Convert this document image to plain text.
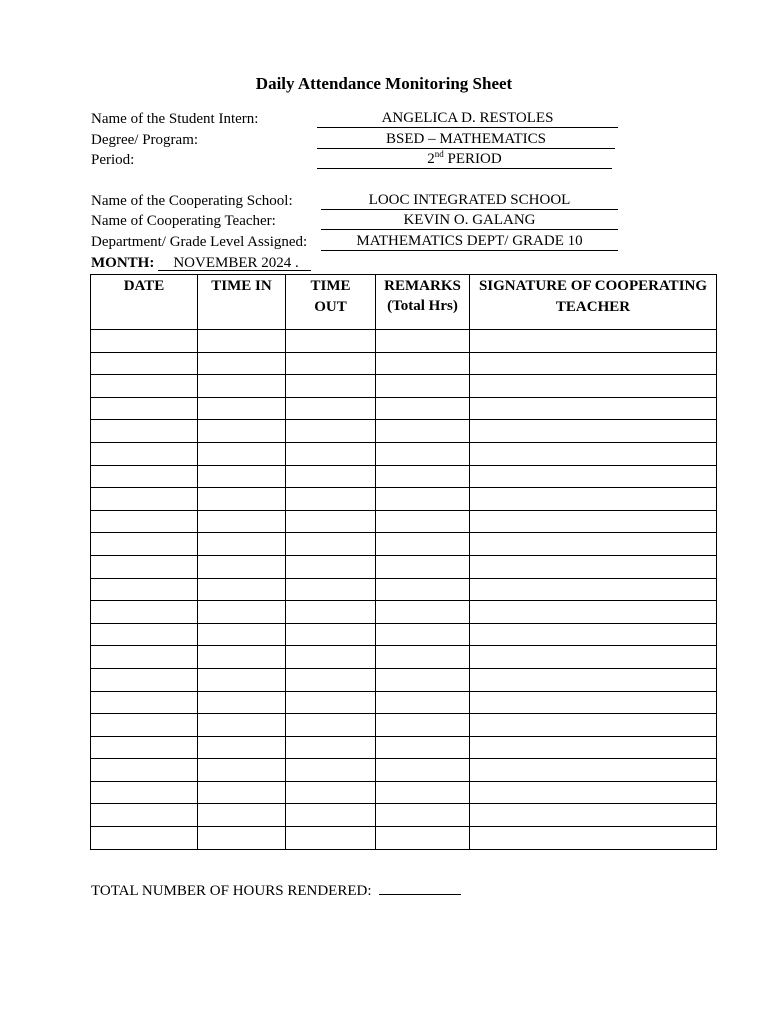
Daily Attendance Monitoring Sheet
Name of the Student Intern:	ANGELICA D. RESTOLES
Degree/ Program:	BSED – MATHEMATICS
Period:	2nd PERIOD
Name of the Cooperating School:	LOOC INTEGRATED SCHOOL
Name of Cooperating Teacher:	KEVIN O. GALANG
Department/ Grade Level Assigned:	MATHEMATICS DEPT/ GRADE 10
MONTH: NOVEMBER 2024 .
DATE	TIME IN	TIME OUT	REMARKS (Total Hrs)	SIGNATURE OF COOPERATING TEACHER

TOTAL NUMBER OF HOURS RENDERED:
